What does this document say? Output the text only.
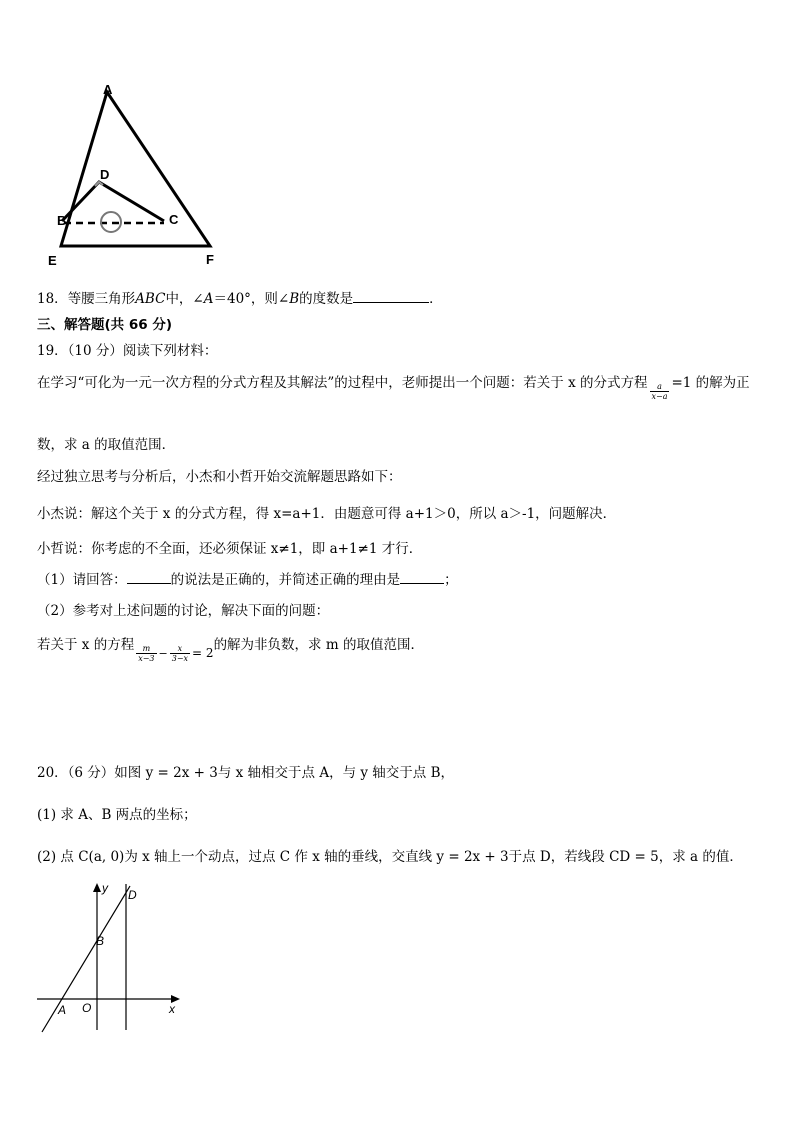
A
D
B	C
E	F
18．等腰三角形ABC中，∠A＝40°，则∠B的度数是	．
三、解答题(共 66 分)
19．（10 分）阅读下列材料：
在学习“可化为一元一次方程的分式方程及其解法”的过程中，老师提出一个问题：若关于 x 的分式方程 $\frac{a}{x-a} =1$ 的解为正
数，求 a 的取值范围．
经过独立思考与分析后，小杰和小哲开始交流解题思路如下：
小杰说：解这个关于 x 的分式方程，得 x=a+1．由题意可得 a+1＞0，所以 a＞-1，问题解决．
小哲说：你考虑的不全面，还必须保证 x≠1，即 a+1≠1 才行．
（1）请回答：	的说法是正确的，并简述正确的理由是	；
（2）参考对上述问题的讨论，解决下面的问题：
若关于 x 的方程 $\frac{m}{x-3} _- \frac{x}{3-x} = 2$的解为非负数，求 m 的取值范围．
20．（6 分）如图 y = 2x + 3与 x 轴相交于点 A，与 y 轴交于点 B，
(1) 求 A、B 两点的坐标；
(2) 点 C(a, 0)为 x 轴上一个动点，过点 C 作 x 轴的垂线，交直线 y = 2x + 3于点 D，若线段 CD = 5，求 a 的值．
y D
B
A O	x
